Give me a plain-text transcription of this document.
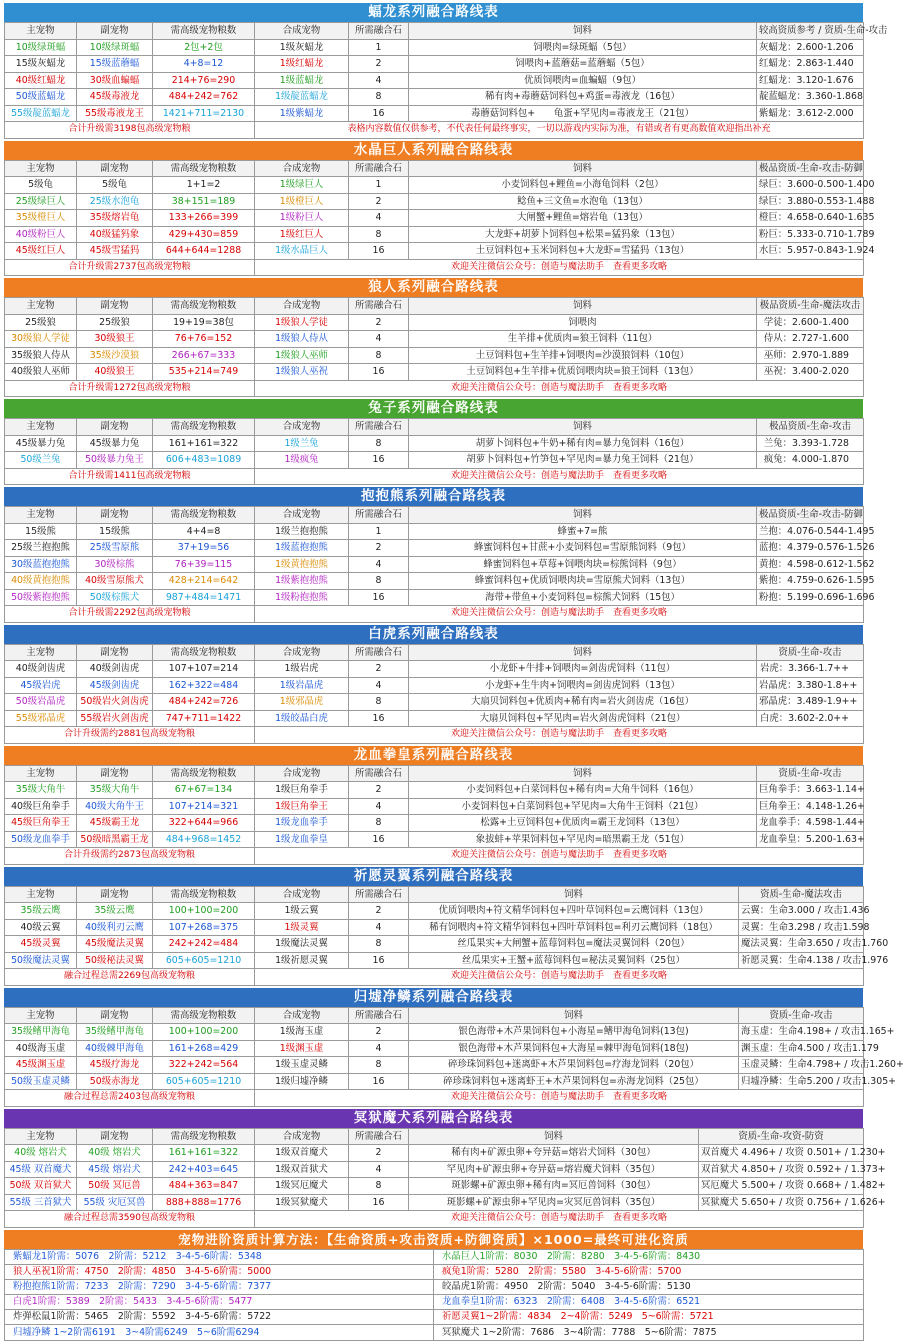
蝠龙系列融合路线表
主宠物	副宠物	需高级宠物粮数	合成宠物	所需融合石	饲料	较高资质参考 / 资质-生命-攻击
10级绿斑蝠	10级绿斑蝠	2包+2包	1级灰蝠龙	1	饲喂肉=绿斑蝠（5包）	灰蝠龙：2.600-1.206
15级灰蝠龙	15级蓝蘑蝠	4+8=12	1级红蝠龙	2	饲喂肉+蓝蘑菇=蓝蘑蝠（5包）	红蝠龙：2.863-1.440
40级红蝠龙	30级血蝙蝠	214+76=290	1级蓝蝠龙	4	优质饲喂肉=血蝙蝠（9包）	红蝠龙：3.120-1.676
50级蓝蝠龙	45级毒液龙	484+242=762	1级靛蓝蝠龙	8	稀有肉+毒蘑菇饲料包+鸡蛋=毒液龙（16包）	靛蓝蝠龙：3.360-1.868
55级靛蓝蝠龙	55级毒液龙王	1421+711=2130	1级紫蝠龙	16	毒蘑菇饲料包+　　龟蛋+罕见肉=毒液龙王（21包）	紫蝠龙：3.612-2.000
合计升级需3198包高级宠物粮			表格内容数值仅供参考，不代表任何最终事实，一切以游戏内实际为准，有错或者有更高数值欢迎指出补充			
水晶巨人系列融合路线表
主宠物	副宠物	需高级宠物粮数	合成宠物	所需融合石	饲料	极品资质-生命-攻击-防御
5级龟	5级龟	1+1=2	1级绿巨人	1	小麦饲料包+鲤鱼=小海龟饲料（2包）	绿巨：3.600-0.500-1.400
25级绿巨人	25级水泡龟	38+151=189	1级橙巨人	2	鲶鱼+三文鱼=水泡龟（13包）	绿巨：3.880-0.553-1.488
35级橙巨人	35级熔岩龟	133+266=399	1级粉巨人	4	大闸蟹+鲤鱼=熔岩龟（13包）	橙巨：4.658-0.640-1.635
40级粉巨人	40级猛犸象	429+430=859	1级红巨人	8	大龙虾+胡萝卜饲料包+松果=猛犸象（13包）	粉巨：5.333-0.710-1.789
45级红巨人	45级雪猛犸	644+644=1288	1级水晶巨人	16	土豆饲料包+玉米饲料包+大龙虾=雪猛犸（13包）	水巨：5.957-0.843-1.924
合计升级需2737包高级宠物粮			欢迎关注微信公众号：创造与魔法助手　查看更多攻略			
狼人系列融合路线表
主宠物	副宠物	需高级宠物粮数	合成宠物	所需融合石	饲料	极品资质-生命-魔法攻击
25级狼	25级狼	19+19=38包	1级狼人学徒	2	饲喂肉	学徒：2.600-1.400
30级狼人学徒	30级狼王	76+76=152	1级狼人侍从	4	生羊排+优质肉=狼王饲料（11包）	侍从：2.727-1.600
35级狼人侍从	35级沙漠狼	266+67=333	1级狼人巫师	8	土豆饲料包+生羊排+饲喂肉=沙漠狼饲料（10包）	巫师：2.970-1.889
40级狼人巫师	40级狼王	535+214=749	1级狼人巫祝	16	土豆饲料包+生羊排+优质饲喂肉块=狼王饲料（13包）	巫祝：3.400-2.020
合计升级需1272包高级宠物粮			欢迎关注微信公众号：创造与魔法助手　查看更多攻略			
兔子系列融合路线表
主宠物	副宠物	需高级宠物粮数	合成宠物	所需融合石	饲料	极品资质-生命-攻击
45级暴力兔	45级暴力兔	161+161=322	1级兰兔	8	胡萝卜饲料包+牛奶+稀有肉=暴力兔饲料（16包）	兰兔：3.393-1.728
50级兰兔	50级暴力兔王	606+483=1089	1级疯兔	16	胡萝卜饲料包+竹笋包+罕见肉=暴力兔王饲料（21包）	疯兔：4.000-1.870
合计升级需1411包高级宠物粮			欢迎关注微信公众号：创造与魔法助手　查看更多攻略			
抱抱熊系列融合路线表
主宠物	副宠物	需高级宠物粮数	合成宠物	所需融合石	饲料	极品资质-生命-攻击-防御
15级熊	15级熊	4+4=8	1级兰抱抱熊	1	蜂蜜+7=熊	兰抱：4.076-0.544-1.495
25级兰抱抱熊	25级雪原熊	37+19=56	1级蓝抱抱熊	2	蜂蜜饲料包+甘蔗+小麦饲料包=雪原熊饲料（9包）	蓝抱：4.379-0.576-1.526
30级蓝抱抱熊	30级棕熊	76+39=115	1级黄抱抱熊	4	蜂蜜饲料包+草莓+饲喂肉块=棕熊饲料（9包）	黄抱：4.598-0.612-1.562
40级黄抱抱熊	40级雪原熊犬	428+214=642	1级紫抱抱熊	8	蜂蜜饲料包+优质饲喂肉块=雪原熊犬饲料（13包）	紫抱：4.759-0.626-1.595
50级紫抱抱熊	50级棕熊犬	987+484=1471	1级粉抱抱熊	16	海带+带鱼+小麦饲料包=棕熊犬饲料（15包）	粉抱：5.199-0.696-1.696
合计升级需2292包高级宠物粮			欢迎关注微信公众号：创造与魔法助手　查看更多攻略			
白虎系列融合路线表
主宠物	副宠物	需高级宠物粮数	合成宠物	所需融合石	饲料	资质-生命-攻击
40级剑齿虎	40级剑齿虎	107+107=214	1级岩虎	2	小龙虾+牛排+饲喂肉=剑齿虎饲料（11包）	岩虎：3.366-1.7++
45级岩虎	45级剑齿虎	162+322=484	1级岩晶虎	4	小龙虾+生牛肉+饲喂肉=剑齿虎饲料（13包）	岩晶虎：3.380-1.8++
50级岩晶虎	50级岩火剑齿虎	484+242=726	1级邪晶虎	8	大扇贝饲料包+优质肉+稀有肉=岩火剑齿虎（16包）	邪晶虎：3.489-1.9++
55级邪晶虎	55级岩火剑齿虎	747+711=1422	1级皎晶白虎	16	大扇贝饲料包+罕见肉=岩火剑齿虎饲料（21包）	白虎：3.602-2.0++
合计升级需约2881包高级宠物粮			欢迎关注微信公众号：创造与魔法助手　查看更多攻略			
龙血拳皇系列融合路线表
主宠物	副宠物	需高级宠物粮数	合成宠物	所需融合石	饲料	资质-生命-攻击
35级大角牛	35级大角牛	67+67=134	1级巨角拳手	2	小麦饲料包+白菜饲料包+稀有肉=大角牛饲料（16包）	巨角拳手：3.663-1.14+
40级巨角拳手	40级大角牛王	107+214=321	1级巨角拳王	4	小麦饲料包+白菜饲料包+罕见肉=大角牛王饲料（21包）	巨角拳王：4.148-1.26+
45级巨角拳王	45级霸王龙	322+644=966	1级龙血拳手	8	松露+土豆饲料包+优质肉=霸王龙饲料（13包）	龙血拳手：4.598-1.44+
50级龙血拳手	50级暗黑霸王龙	484+968=1452	1级龙血拳皇	16	象拔蚌+苹果饲料包+罕见肉=暗黑霸王龙（51包）	龙血拳皇：5.200-1.63+
合计升级需约2873包高级宠物粮			欢迎关注微信公众号：创造与魔法助手　查看更多攻略			
祈愿灵翼系列融合路线表
主宠物	副宠物	需高级宠物粮数	合成宠物	所需融合石	饲料	资质-生命-魔法攻击
35级云鹰	35级云鹰	100+100=200	1级云翼	2	优质饲喂肉+符文精华饲料包+四叶草饲料包=云鹰饲料（13包）	云翼：生命3.000 / 攻击1.436
40级云翼	40级利刃云鹰	107+268=375	1级灵翼	4	稀有饲喂肉+符文精华饲料包+四叶草饲料包=利刃云鹰饲料（18包）	灵翼：生命3.298 / 攻击1.598
45级灵翼	45级魔法灵翼	242+242=484	1级魔法灵翼	8	丝瓜果实+大闸蟹+蓝莓饲料包=魔法灵翼饲料（20包）	魔法灵翼：生命3.650 / 攻击1.760
50级魔法灵翼	50级秘法灵翼	605+605=1210	1级祈愿灵翼	16	丝瓜果实+王蟹+蓝莓饲料包=秘法灵翼饲料（25包）	祈愿灵翼：生命4.138 / 攻击1.976
融合过程总需2269包高级宠物粮			欢迎关注微信公众号：创造与魔法助手　查看更多攻略			
归墟净鳞系列融合路线表
主宠物	副宠物	需高级宠物粮数	合成宠物	所需融合石	饲料	资质-生命-攻击
35级鳍甲海龟	35级鳍甲海龟	100+100=200	1级海玉虚	2	银色海带+木芦果饲料包+小海星=鳍甲海龟饲料(13包)	海玉虚：生命4.198+ / 攻击1.165+
40级海玉虚	40级棘甲海龟	161+268=429	1级渊玉虚	4	银色海带+木芦果饲料包+大海星=棘甲海龟饲料(18包)	渊玉虚：生命4.500 / 攻击1.179
45级渊玉虚	45级疗海龙	322+242=564	1级玉虚灵鳞	8	碎珍珠饲料包+迷离虾+木芦果饲料包=疗海龙饲料（20包）	玉虚灵鳞：生命4.798+ / 攻击1.260+
50级玉虚灵鳞	50级赤海龙	605+605=1210	1级归墟净鳞	16	碎珍珠饲料包+迷离虾王+木芦果饲料包=赤海龙饲料（25包）	归墟净鳞：生命5.200 / 攻击1.305+
融合过程总需2403包高级宠物粮			欢迎关注微信公众号：创造与魔法助手　查看更多攻略			
冥狱魔犬系列融合路线表
主宠物	副宠物	需高级宠物粮数	合成宠物	所需融合石	饲料	资质-生命-攻资-防资
40级 熔岩犬	40级 熔岩犬	161+161=322	1级双首魔犬	2	稀有肉+矿源虫卵+夸异菇=熔岩犬饲料（30包）	双首魔犬 4.496+ / 攻资 0.501+ / 1.230+
45级 双首魔犬	45级 熔岩犬	242+403=645	1级双首狱犬	4	罕见肉+矿源虫卵+夸异菇=熔岩魔犬饲料（35包）	双首狱犬 4.850+ / 攻资 0.592+ / 1.373+
50级 双首狱犬	50级 冥厄兽	484+363=847	1级冥厄魔犬	8	斑影螺+矿源虫卵+稀有肉=冥厄兽饲料（30包）	冥厄魔犬 5.500+ / 攻资 0.668+ / 1.482+
55级 三首狱犬	55级 灾厄冥兽	888+888=1776	1级冥狱魔犬	16	斑影螺+矿源虫卵+罕见肉=灾冥厄兽饲料（35包）	冥狱魔犬 5.650+ / 攻资 0.756+ / 1.626+
融合过程总需3590包高级宠物粮			欢迎关注微信公众号：创造与魔法助手　查看更多攻略			
宠物进阶资质计算方法：【生命资质+攻击资质+防御资质】×1000=最终可进化资质
紫蝠龙1阶需：5076　2阶需：5212　3-4-5-6阶需：5348	水晶巨人1阶需：8030　2阶需：8280　3-4-5-6阶需：8430
狼人巫祝1阶需：4750　2阶需：4850　3-4-5-6阶需：5000	疯兔1阶需：5280　2阶需：5580　3-4-5-6阶需：5700
粉抱抱熊1阶需：7233　2阶需：7290　3-4-5-6阶需：7377	皎晶虎1阶需：4950　2阶需：5040　3-4-5-6阶需：5130
白虎1阶需：5389　2阶需：5433　3-4-5-6阶需：5477	龙血拳皇1阶需：6323　2阶需：6408　3-4-5-6阶需：6521
炸弹松鼠1阶需：5465　2阶需：5592　3-4-5-6阶需：5722	祈愿灵翼1~2阶需：4834　2~4阶需：5249　5~6阶需：5721
归墟净鳞 1~2阶需6191　3~4阶需6249　5~6阶需6294	冥狱魔犬 1~2阶需：7686　3~4阶需：7788　5~6阶需：7875
